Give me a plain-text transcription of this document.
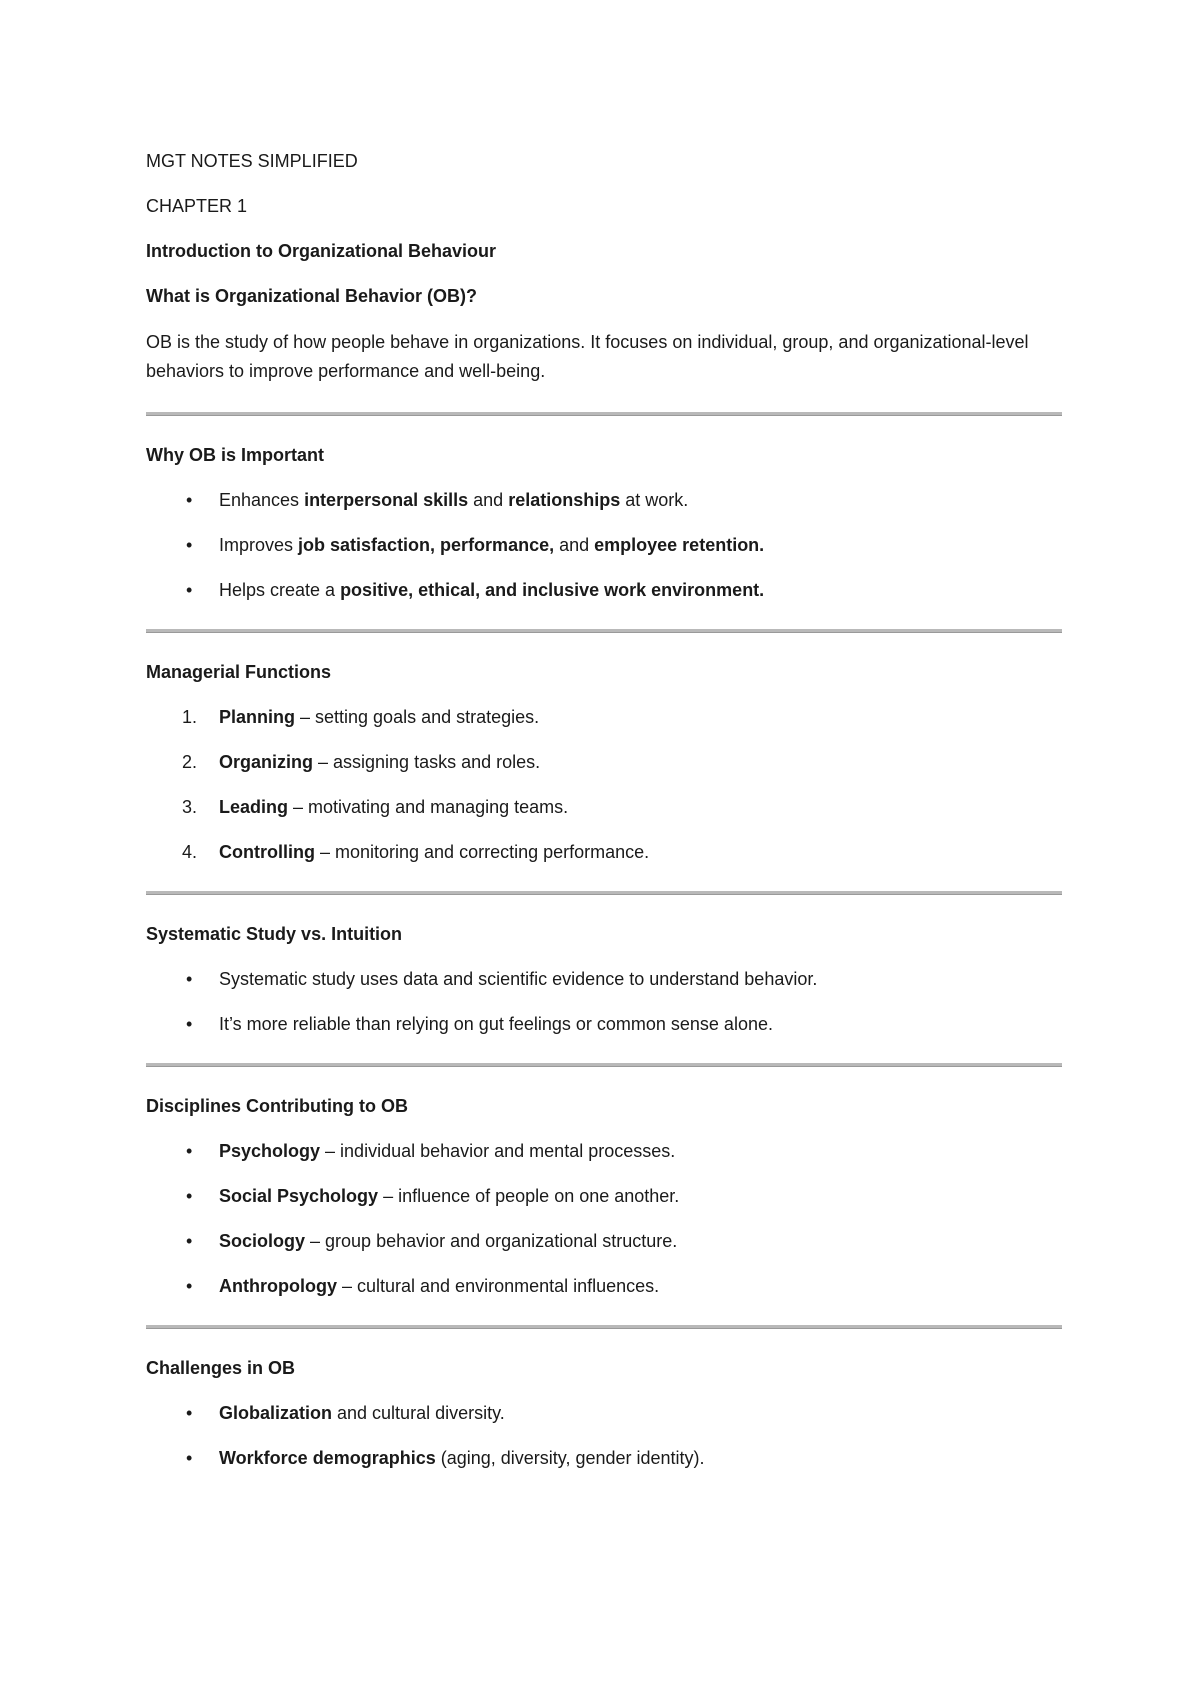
MGT NOTES SIMPLIFIED
CHAPTER 1
Introduction to Organizational Behaviour
What is Organizational Behavior (OB)?
OB is the study of how people behave in organizations. It focuses on individual, group, and organizational-level behaviors to improve performance and well-being.
Why OB is Important
•	Enhances interpersonal skills and relationships at work.
•	Improves job satisfaction, performance, and employee retention.
•	Helps create a positive, ethical, and inclusive work environment.
Managerial Functions
1.	Planning – setting goals and strategies.
2.	Organizing – assigning tasks and roles.
3.	Leading – motivating and managing teams.
4.	Controlling – monitoring and correcting performance.
Systematic Study vs. Intuition
•	Systematic study uses data and scientific evidence to understand behavior.
•	It’s more reliable than relying on gut feelings or common sense alone.
Disciplines Contributing to OB
•	Psychology – individual behavior and mental processes.
•	Social Psychology – influence of people on one another.
•	Sociology – group behavior and organizational structure.
•	Anthropology – cultural and environmental influences.
Challenges in OB
•	Globalization and cultural diversity.
•	Workforce demographics (aging, diversity, gender identity).
